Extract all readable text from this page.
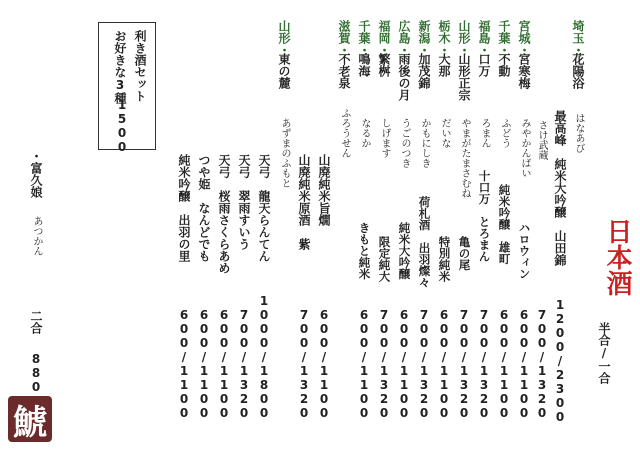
日本酒
半合/一合
埼玉・
花陽浴
はなあび
最高峰　純米大吟醸　山田錦
1200/2300
さけ武蔵
700/1320
宮城・
宮寒梅
みやかんばい
ハロウィン
600/1100
千葉・
不動
ふどう
純米吟醸　雄町
600/1100
福島・
口万
ろまん
十口万　とろまん
700/1320
山形・
山形正宗
やまがたまさむね
亀の尾
700/1320
栃木・
大那
だいな
特別純米
600/1100
新潟・
加茂錦
かもにしき
荷札酒　出羽燦々
700/1320
広島・
雨後の月
うごのつき
純米大吟醸
600/1100
福岡・
繁桝
しげます
限定純大
700/1320
千葉・
鳴海
なるか
きもと純米
600/1100
滋賀・
不老泉
ふろうせん
山廃純米旨燗
600/1100
山廃純米原酒　紫
700/1320
山形・
東の麓
あずまのふもと
天弓　龍天らんてん
1000/1800
天弓　翠雨すいう
700/1320
天弓　桜雨さくらあめ
600/1100
つや姫　なんどでも
600/1100
純米吟醸　出羽の里
600/1100
利き酒セット
お好きな3種
1500
・富久娘
あつかん
二合
880
鯱
